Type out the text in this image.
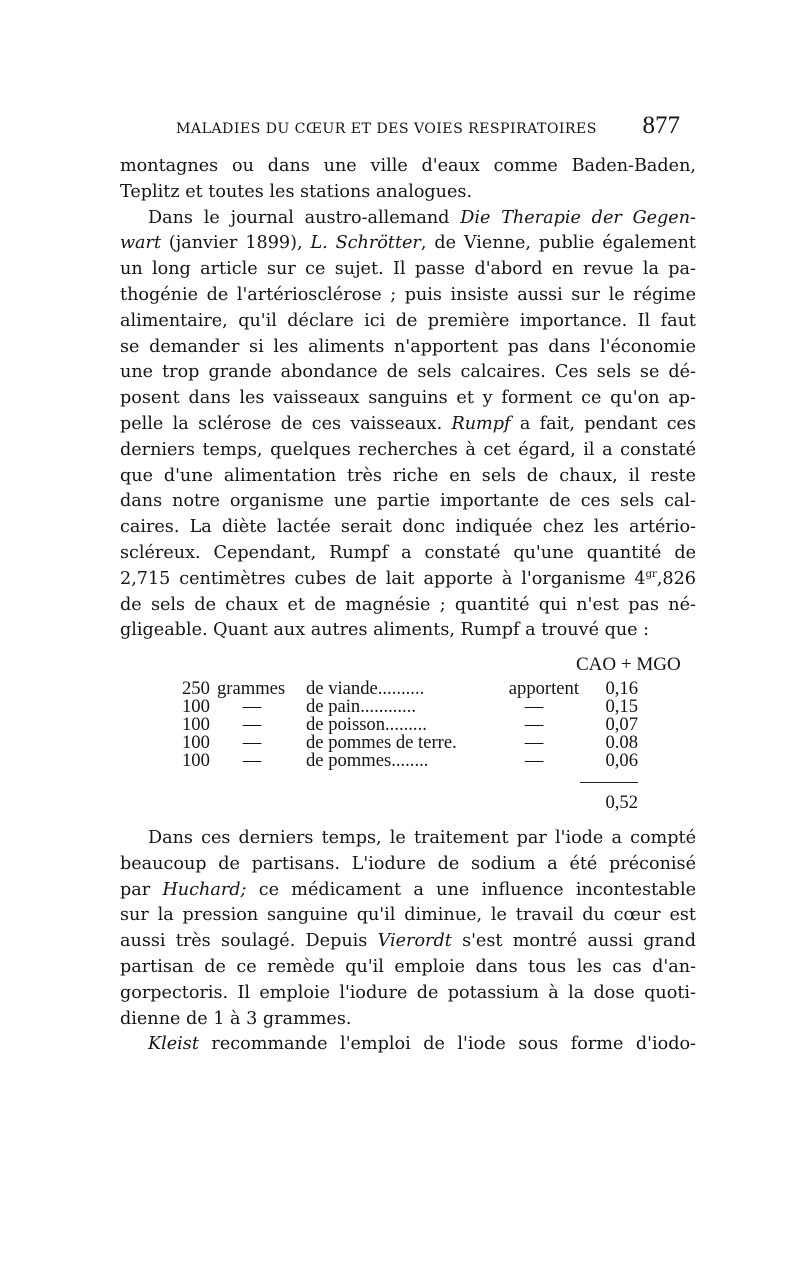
MALADIES DU CŒUR ET DES VOIES RESPIRATOIRES 877
montagnes ou dans une ville d'eaux comme Baden-Baden,
Teplitz et toutes les stations analogues.
Dans le journal austro-allemand Die Therapie der Gegen-
wart (janvier 1899), L. Schrötter, de Vienne, publie également
un long article sur ce sujet. Il passe d'abord en revue la pa-
thogénie de l'artériosclérose ; puis insiste aussi sur le régime
alimentaire, qu'il déclare ici de première importance. Il faut
se demander si les aliments n'apportent pas dans l'économie
une trop grande abondance de sels calcaires. Ces sels se dé-
posent dans les vaisseaux sanguins et y forment ce qu'on ap-
pelle la sclérose de ces vaisseaux. Rumpf a fait, pendant ces
derniers temps, quelques recherches à cet égard, il a constaté
que d'une alimentation très riche en sels de chaux, il reste
dans notre organisme une partie importante de ces sels cal-
caires. La diète lactée serait donc indiquée chez les artério-
scléreux. Cependant, Rumpf a constaté qu'une quantité de
2,715 centimètres cubes de lait apporte à l'organisme $4^{gr},826$
de sels de chaux et de magnésie ; quantité qui n'est pas né-
gligeable. Quant aux autres aliments, Rumpf a trouvé que :
CAO + MGO
250 grammes de viande..........	apportent	0,16
100	— de pain............	—	0,15
100	— de poisson.........	—	0,07
100	— de pommes de terre.	—	0.08
100	— de pommes........	—	0,06
0,52
Dans ces derniers temps, le traitement par l'iode a compté
beaucoup de partisans. L'iodure de sodium a été préconisé
par Huchard; ce médicament a une influence incontestable
sur la pression sanguine qu'il diminue, le travail du cœur est
aussi très soulagé. Depuis Vierordt s'est montré aussi grand
partisan de ce remède qu'il emploie dans tous les cas d'an-
gorpectoris. Il emploie l'iodure de potassium à la dose quoti-
dienne de 1 à 3 grammes.
Kleist recommande l'emploi de l'iode sous forme d'iodo-
